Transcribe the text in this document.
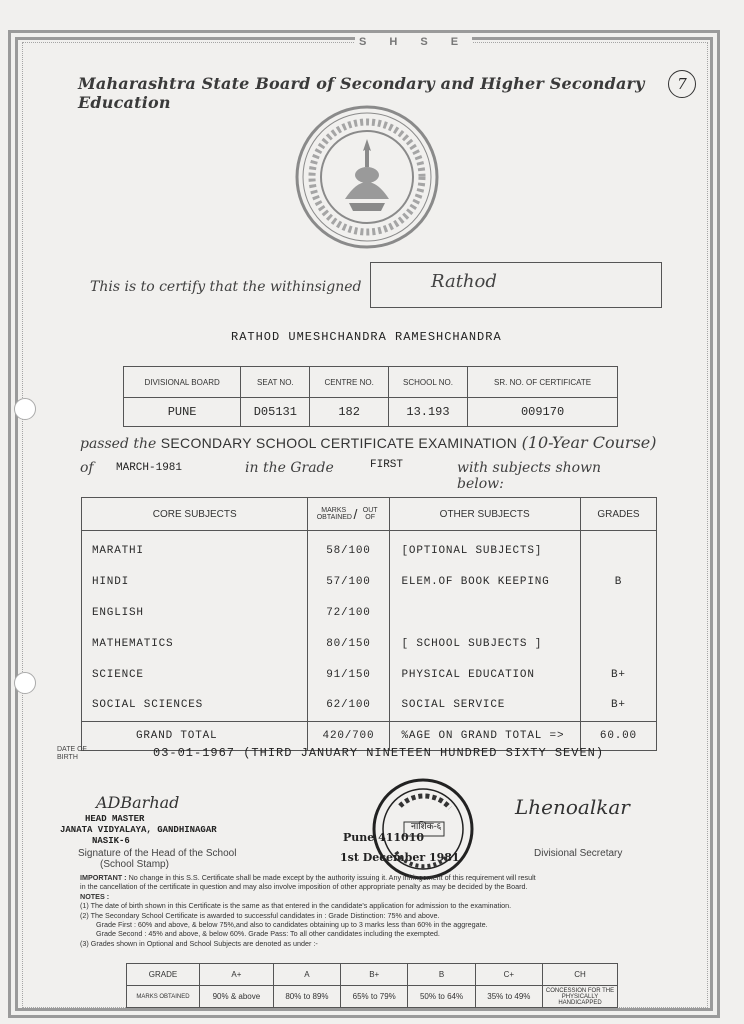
S H S E
Maharashtra State Board of Secondary and Higher Secondary Education
7
This is to certify that the withinsigned	Rathod
RATHOD UMESHCHANDRA RAMESHCHANDRA
DIVISIONAL BOARD	SEAT NO.	CENTRE NO.	SCHOOL NO.	SR. NO. OF CERTIFICATE
PUNE	D05131	182	13.193	009170
passed the SECONDARY SCHOOL CERTIFICATE EXAMINATION (10-Year Course)
of MARCH-1981	in the Grade	FIRST	with subjects shown below:
CORE SUBJECTS	MARKS OBTAINED / OUT OF	OTHER SUBJECTS	GRADES
MARATHI	58/100	[OPTIONAL SUBJECTS]	
HINDI	57/100	ELEM.OF BOOK KEEPING	B
ENGLISH	72/100		
MATHEMATICS	80/150	[ SCHOOL SUBJECTS ]	
SCIENCE	91/150	PHYSICAL EDUCATION	B+
SOCIAL SCIENCES	62/100	SOCIAL SERVICE	B+
GRAND TOTAL	420/700	%AGE ON GRAND TOTAL =>	60.00
DATE OF
BIRTH	03-01-1967 (THIRD JANUARY NINETEEN HUNDRED SIXTY SEVEN)
ADBarhad
HEAD MASTER
JANATA VIDYALAYA, GANDHINAGAR
NASIK-6
Signature of the Head of the School
(School Stamp)
Pune 411010
1st December 1981
नाशिक-६
Lhenoalkar
Divisional Secretary
IMPORTANT : No change in this S.S. Certificate shall be made except by the authority issuing it. Any infringement of this requirement will result
in the cancellation of the certificate in question and may also involve imposition of other appropriate penalty as may be decided by the Board.
NOTES :
(1) The date of birth shown in this Certificate is the same as that entered in the candidate's application for admission to the examination.
(2) The Secondary School Certificate is awarded to successful candidates in : Grade Distinction: 75% and above.
Grade First : 60% and above, & below 75%,and also to candidates obtaining up to 3 marks less than 60% in the aggregate.
Grade Second : 45% and above, & below 60%. Grade Pass: To all other candidates including the exempted.
(3) Grades shown in Optional and School Subjects are denoted as under :-
GRADE	A+	A	B+	B	C+	CH
MARKS OBTAINED	90% & above	80% to 89%	65% to 79%	50% to 64%	35% to 49%	CONCESSION FOR THE PHYSICALLY HANDICAPPED
